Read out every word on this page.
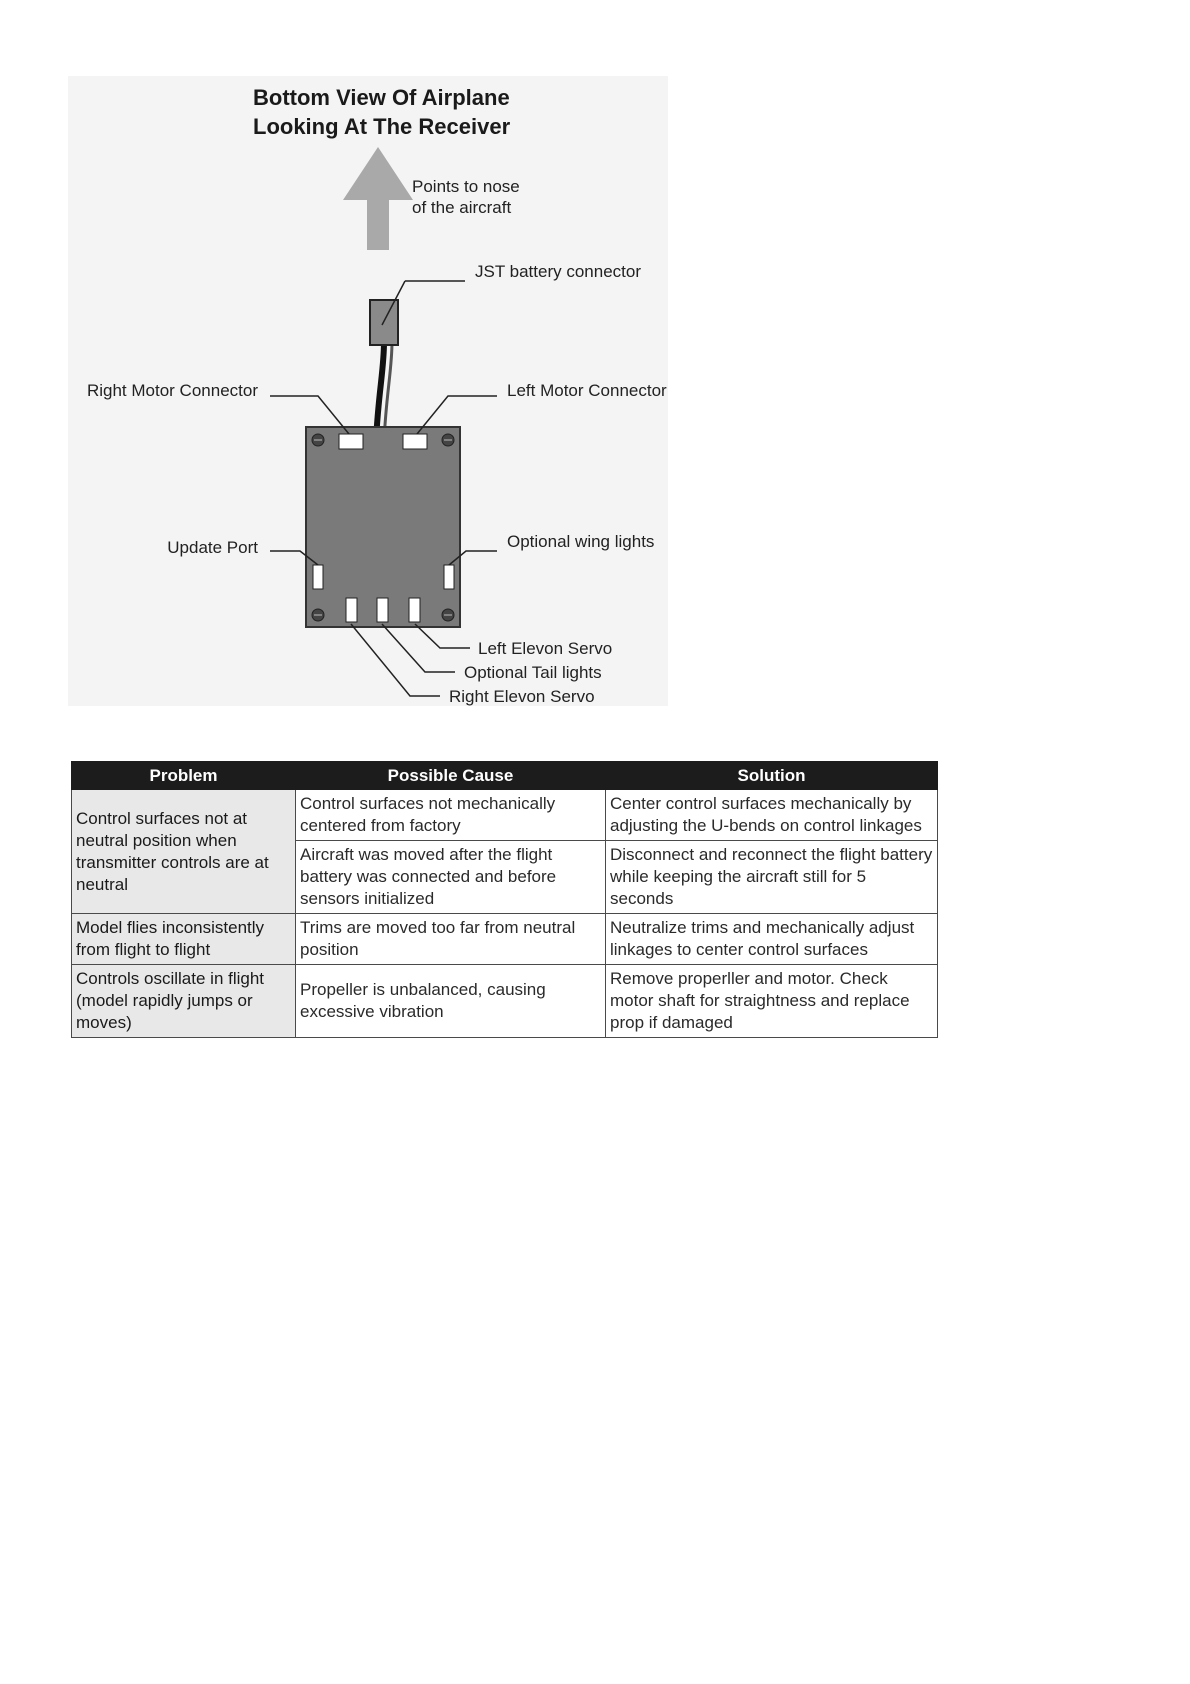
Bottom View Of Airplane
Looking At The Receiver
Points to nose
of the aircraft
JST battery connector
Right Motor Connector	Left Motor Connector
Update Port	Optional wing lights
Left Elevon Servo
Optional Tail lights
Right Elevon Servo
Problem	Possible Cause	Solution
Control surfaces not at neutral position when transmitter controls are at neutral	Control surfaces not mechanically centered from factory	Center control surfaces mechanically by adjusting the U-bends on control linkages
	Aircraft was moved after the flight battery was connected and before sensors initialized	Disconnect and reconnect the flight battery while keeping the aircraft still for 5 seconds
Model flies inconsistently from flight to flight	Trims are moved too far from neutral position	Neutralize trims and mechanically adjust linkages to center control surfaces
Controls oscillate in flight (model rapidly jumps or moves)	Propeller is unbalanced, causing excessive vibration	Remove properller and motor. Check motor shaft for straightness and replace prop if damaged
